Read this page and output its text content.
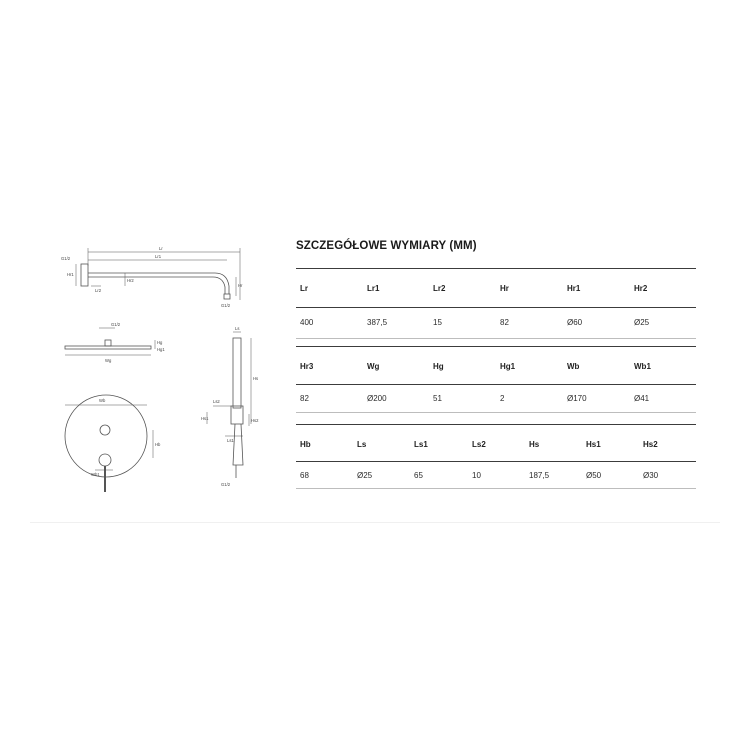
Lr
Lr1
G1/2
Hr1
Lr2
Hr2
Hr
G1/2
G1/2
Wg
Hg
Hg1
Wb
Hb
Wb1
Ls
Hs
Ls2
Hs1
Ls1
Hs2
G1/2
SZCZEGÓŁOWE WYMIARY (MM)
Lr	Lr1	Lr2	Hr	Hr1	Hr2
400	387,5	15	82	Ø60	Ø25
Hr3	Wg	Hg	Hg1	Wb	Wb1
82	Ø200	51	2	Ø170	Ø41
Hb	Ls	Ls1	Ls2	Hs	Hs1	Hs2
68	Ø25	65	10	187,5	Ø50	Ø30
